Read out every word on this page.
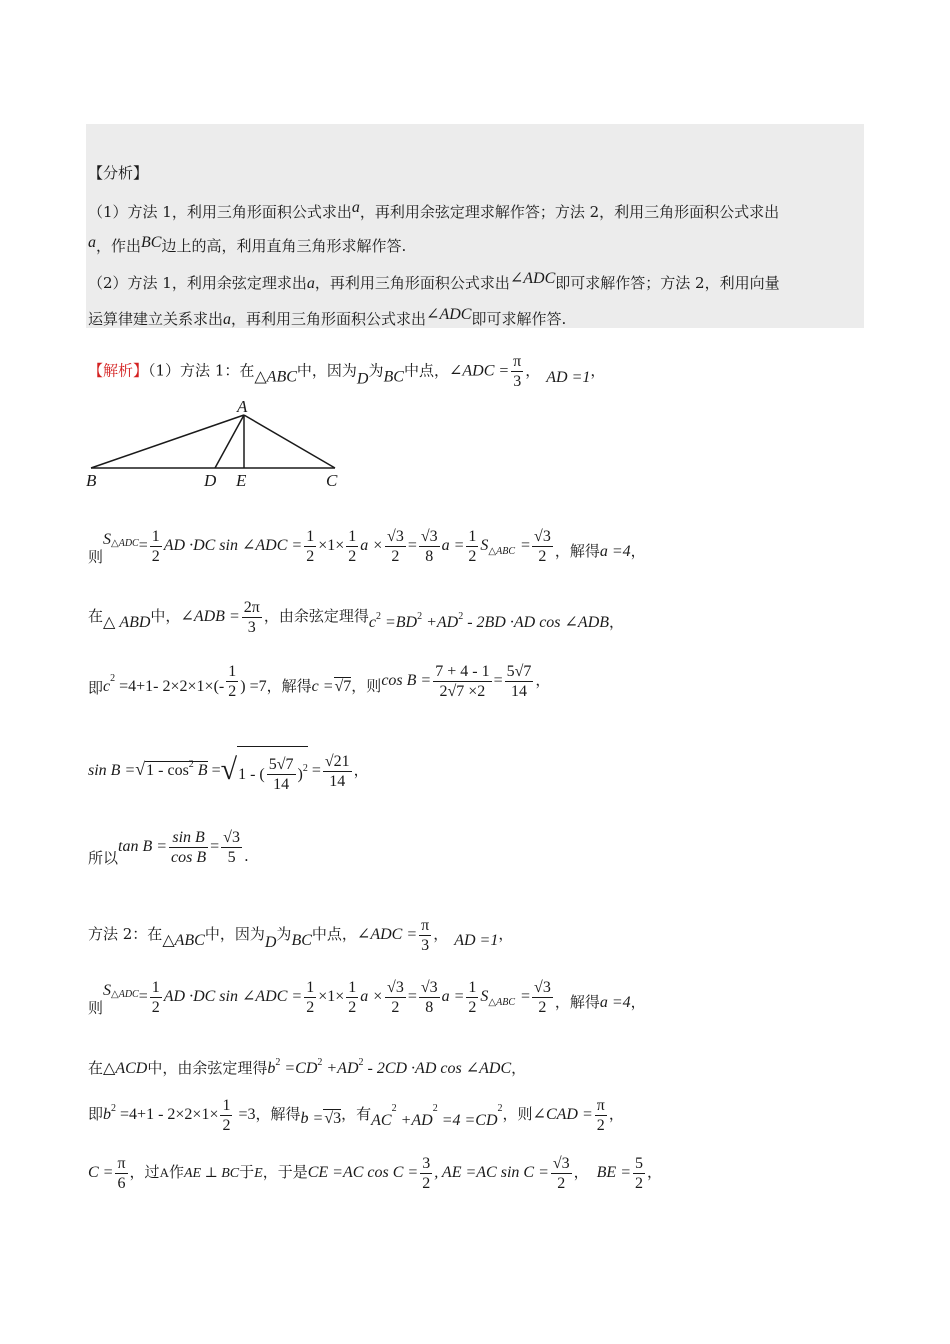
【分析】
（1）方法 1，利用三角形面积公式求出a，再利用余弦定理求解作答；方法 2，利用三角形面积公式求出
a，作出BC边上的高，利用直角三角形求解作答.
（2）方法 1，利用余弦定理求出a，再利用三角形面积公式求出∠ADC即可求解作答；方法 2，利用向量
运算律建立关系求出a，再利用三角形面积公式求出∠ADC即可求解作答.
【解析】（1）方法 1：在△ABC中，因为D为BC中点，∠ADC = $\frac{\pi}{3}$ ， AD =1，
A
B	D E	C
则$S^{\triangle ADC}= \frac{1}{2}$ AD ·DC sin ∠ADC = $\frac{1}{2} \times 1\times \frac{1}{2}$ $a \times \frac{√3}{2} = \frac{√3}{8}$ $a = \frac{1}{2} S_{\triangle ABC} = \frac{√3}{2}$ ，解得a =4，
在△ ABD中，∠ADB = $\frac{2\pi}{3}$ ，由余弦定理得$c^2 =BD^2 +AD^2 - 2BD \cdot AD$ cos ∠ADB，
即$c^2 =4+1-$ $2\times 2\times 1\times(- \frac{1}{2}$ ) =7，解得c =√7，则$\cos B = \frac{7 + 4 - 1}{2√7 \times 2} = \frac{5√7}{14}$ ，
$\sin B =√1 - \cos^2 B =√1$ - ( $\frac{5√7}{14} )^2 = \frac{√21}{14}$ ，
所以$\tan B = \frac{\text{sin B}}{\text{cos B}} = \frac{√3}{5}$ .
方法 2：在△ABC中，因为D为BC中点，∠ADC = $\frac{\pi}{3}$ ， AD =1，
则$S^{\triangle ADC}= \frac{1}{2}$ AD ·DC sin ∠ADC = $\frac{1}{2} \times 1\times \frac{1}{2}$ $a \times \frac{√3}{2} = \frac{√3}{8}$ $a = \frac{1}{2} S_{\triangle ABC} = \frac{√3}{2}$ ，解得a =4，
在△ACD中，由余弦定理得$b^2 =CD^2 +AD^2 - 2CD \cdot AD$ cos ∠ADC，
即$b^2 =4+1 - 2\times 2\times 1\times \frac{1}{2} =3$，解得b =√3，有$AC^2 +AD^2 =4 =CD^2$，则∠CAD = $\frac{\pi}{2}$ ，
$C = \frac{\pi}{6}$ ，过A作AE ⊥ BC于E，于是CE =AC $\cos C = \frac{3}{2}$ , AE =AC $\sin C = \frac{√3}{2}$ ， BE = $\frac{5}{2}$ ，
